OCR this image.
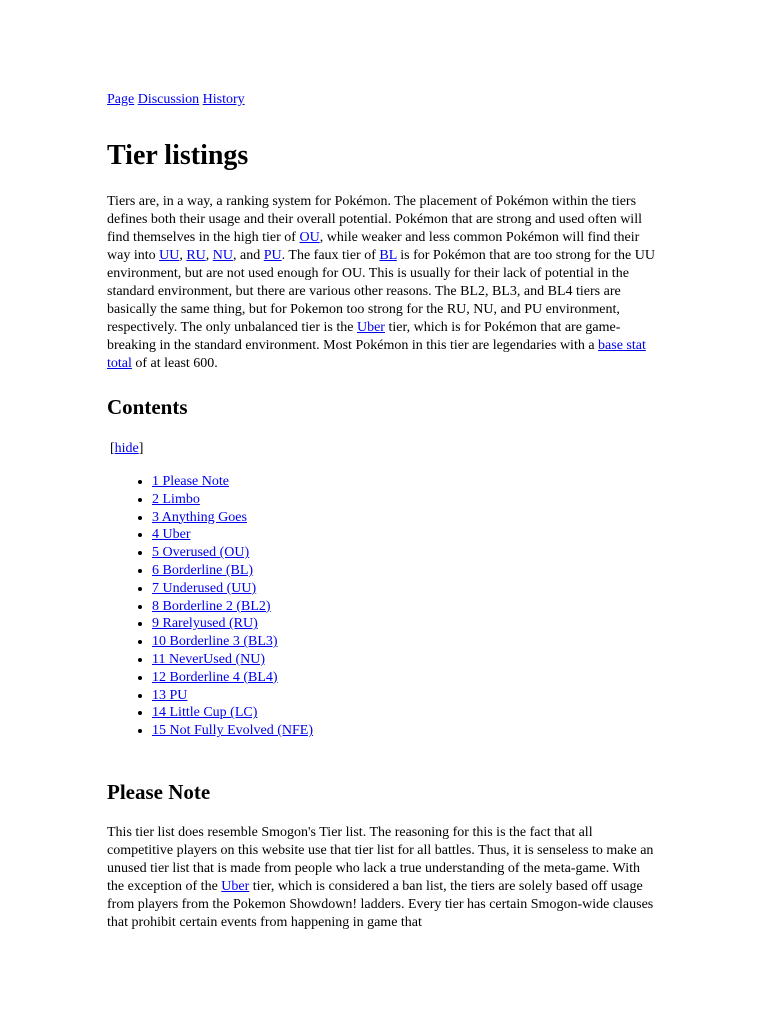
Page Discussion History
Tier listings

Tiers are, in a way, a ranking system for Pokémon. The placement of Pokémon within the tiers defines both their usage and their overall potential. Pokémon that are strong and used often will find themselves in the high tier of OU, while weaker and less common Pokémon will find their way into UU, RU, NU, and PU. The faux tier of BL is for Pokémon that are too strong for the UU environment, but are not used enough for OU. This is usually for their lack of potential in the standard environment, but there are various other reasons. The BL2, BL3, and BL4 tiers are basically the same thing, but for Pokemon too strong for the RU, NU, and PU environment, respectively. The only unbalanced tier is the Uber tier, which is for Pokémon that are game-breaking in the standard environment. Most Pokémon in this tier are legendaries with a base stat total of at least 600.

Contents
[hide]
• 1 Please Note
• 2 Limbo
• 3 Anything Goes
• 4 Uber
• 5 Overused (OU)
• 6 Borderline (BL)
• 7 Underused (UU)
• 8 Borderline 2 (BL2)
• 9 Rarelyused (RU)
• 10 Borderline 3 (BL3)
• 11 NeverUsed (NU)
• 12 Borderline 4 (BL4)
• 13 PU
• 14 Little Cup (LC)
• 15 Not Fully Evolved (NFE)
Please Note

This tier list does resemble Smogon's Tier list. The reasoning for this is the fact that all competitive players on this website use that tier list for all battles. Thus, it is senseless to make an unused tier list that is made from people who lack a true understanding of the meta-game. With the exception of the Uber tier, which is considered a ban list, the tiers are solely based off usage from players from the Pokemon Showdown! ladders. Every tier has certain Smogon-wide clauses that prohibit certain events from happening in game that
